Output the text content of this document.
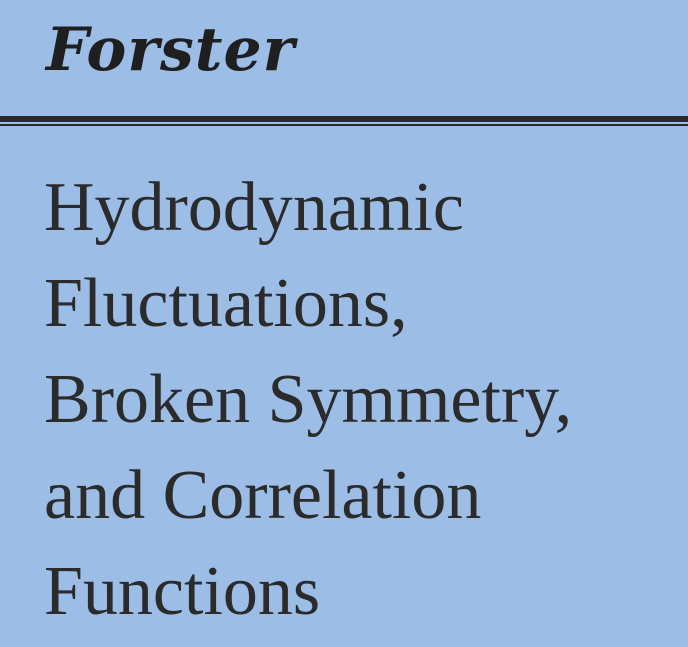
Forster
Hydrodynamic
Fluctuations,
Broken Symmetry,
and Correlation
Functions
